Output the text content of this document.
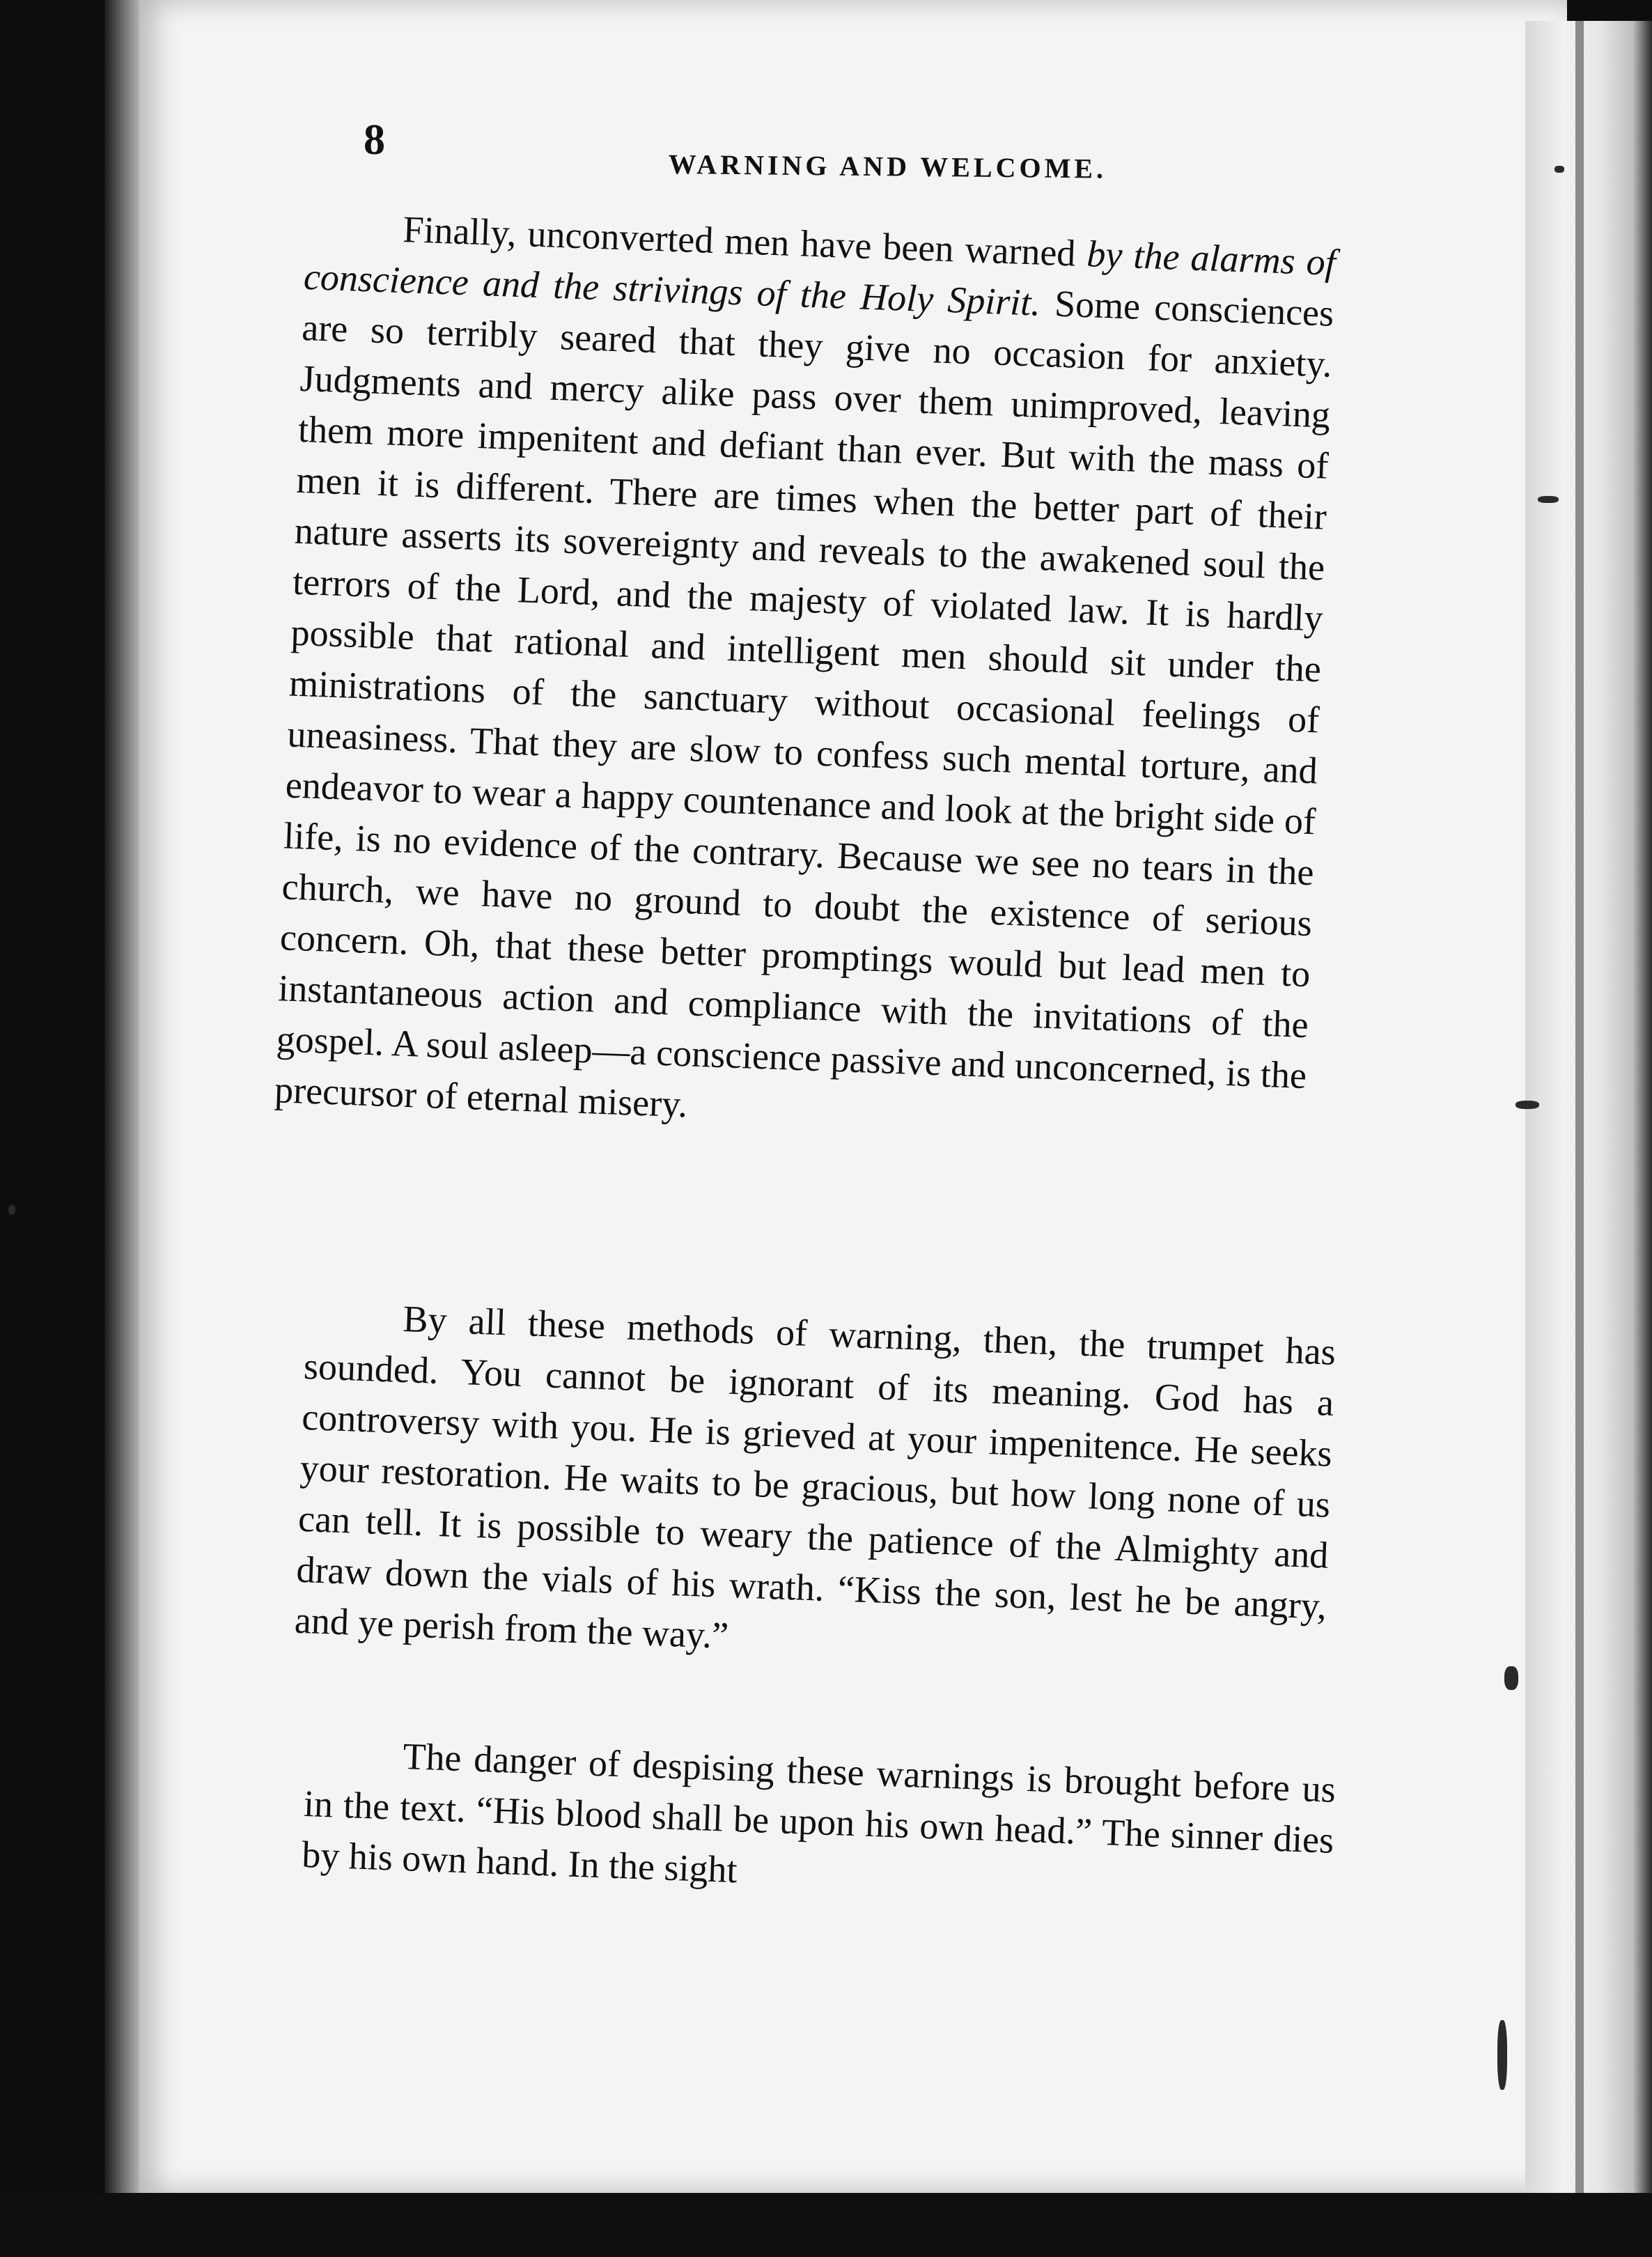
8
WARNING AND WELCOME.

Finally, unconverted men have been warned by the alarms of conscience and the strivings of the Holy Spirit. Some consciences are so terribly seared that they give no occasion for anxiety. Judgments and mercy alike pass over them unimproved, leaving them more impenitent and defiant than ever. But with the mass of men it is different. There are times when the better part of their nature asserts its sovereignty and reveals to the awakened soul the terrors of the Lord, and the majesty of violated law. It is hardly possible that rational and intelligent men should sit under the ministrations of the sanctuary without occasional feelings of uneasiness. That they are slow to confess such mental torture, and endeavor to wear a happy countenance and look at the bright side of life, is no evidence of the contrary. Because we see no tears in the church, we have no ground to doubt the existence of serious concern. Oh, that these better promptings would but lead men to instantaneous action and compliance with the invitations of the gospel. A soul asleep—a conscience passive and unconcerned, is the precursor of eternal misery.

By all these methods of warning, then, the trumpet has sounded. You cannot be ignorant of its meaning. God has a controversy with you. He is grieved at your impenitence. He seeks your restoration. He waits to be gracious, but how long none of us can tell. It is possible to weary the patience of the Almighty and draw down the vials of his wrath. “Kiss the son, lest he be angry, and ye perish from the way.”

The danger of despising these warnings is brought before us in the text. “His blood shall be upon his own head.” The sinner dies by his own hand. In the sight
